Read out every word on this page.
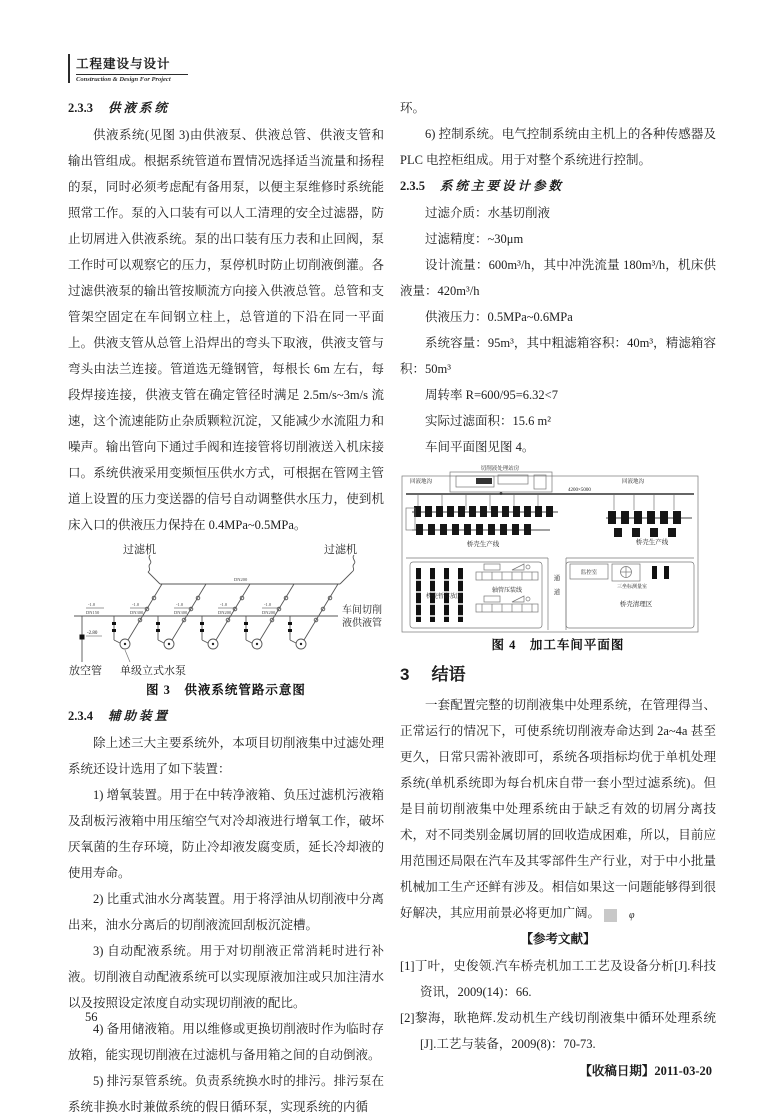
工程建设与设计
Construction & Design For Project
2.3.3 供液系统

供液系统(见图 3)由供液泵、供液总管、供液支管和输出管组成。根据系统管道布置情况选择适当流量和扬程的泵，同时必须考虑配有备用泵，以便主泵维修时系统能照常工作。泵的入口装有可以人工清理的安全过滤器，防止切屑进入供液系统。泵的出口装有压力表和止回阀，泵工作时可以观察它的压力，泵停机时防止切削液倒灌。各过滤供液泵的输出管按顺流方向接入供液总管。总管和支管架空固定在车间钢立柱上，总管道的下沿在同一平面上。供液支管从总管上沿焊出的弯头下取液，供液支管与弯头由法兰连接。管道选无缝钢管，每根长 6m 左右，每段焊接连接，供液支管在确定管径时满足 2.5m/s~3m/s 流速，这个流速能防止杂质颗粒沉淀，又能减少水流阻力和噪声。输出管向下通过手阀和连接管将切削液送入机床接口。系统供液采用变频恒压供水方式，可根据在管网主管道上设置的压力变送器的信号自动调整供水压力，使到机床入口的供液压力保持在 0.4MPa~0.5MPa。

过滤机	过滤机
DN200
车间切削
液供液管
-1.0
DN150
-1.0
DN300
-1.0
DN300
-1.0
DN200
-1.0
DN200
-2.80
放空管 单级立式水泵
图 3　供液系统管路示意图
2.3.4 辅助装置

除上述三大主要系统外，本项目切削液集中过滤处理系统还设计选用了如下装置：

1) 增氧装置。用于在中转净液箱、负压过滤机污液箱及刮板污液箱中用压缩空气对冷却液进行增氧工作，破坏厌氧菌的生存环境，防止冷却液发腐变质，延长冷却液的使用寿命。

2) 比重式油水分离装置。用于将浮油从切削液中分离出来，油水分离后的切削液流回刮板沉淀槽。

3) 自动配液系统。用于对切削液正常消耗时进行补液。切削液自动配液系统可以实现原液加注或只加注清水以及按照设定浓度自动实现切削液的配比。

4) 备用储液箱。用以维修或更换切削液时作为临时存放箱，能实现切削液在过滤机与备用箱之间的自动倒液。

5) 排污泵管系统。负责系统换水时的排污。排污泵在系统非换水时兼做系统的假日循环泵，实现系统的内循

环。

6) 控制系统。电气控制系统由主机上的各种传感器及 PLC 电控柜组成。用于对整个系统进行控制。

2.3.5 系统主要设计参数

过滤介质：水基切削液

过滤精度：~30μm

设计流量：600m³/h，其中冲洗流量 180m³/h，机床供液量：420m³/h

供液压力：0.5MPa~0.6MPa

系统容量：95m³，其中粗滤箱容积：40m³，精滤箱容积：50m³

周转率 R=600/95=6.32<7

实际过滤面积：15.6 m²

车间平面图见图 4。

切削液处理站房
回液地沟	回液地沟
4200×5000
桥壳生产线	桥壳生产线
通
道
桥壳暂存放区
轴管压装线
监控室
三坐标测量室
桥壳清理区
图 4　加工车间平面图
3 结语

一套配置完整的切削液集中处理系统，在管理得当、正常运行的情况下，可使系统切削液寿命达到 2a~4a 甚至更久，日常只需补液即可，系统各项指标均优于单机处理系统(单机系统即为每台机床自带一套小型过滤系统)。但是目前切削液集中处理系统由于缺乏有效的切屑分离技术，对不同类别金属切屑的回收造成困难，所以，目前应用范围还局限在汽车及其零部件生产行业，对于中小批量机械加工生产还鲜有涉及。相信如果这一问题能够得到很好解决，其应用前景必将更加广阔。	φ

【参考文献】

[1]丁叶，史俊领.汽车桥壳机加工工艺及设备分析[J].科技资讯，2009(14)：66.

[2]黎海，耿艳辉.发动机生产线切削液集中循环处理系统[J].工艺与装备，2009(8)：70-73.

【收稿日期】2011-03-20
56
